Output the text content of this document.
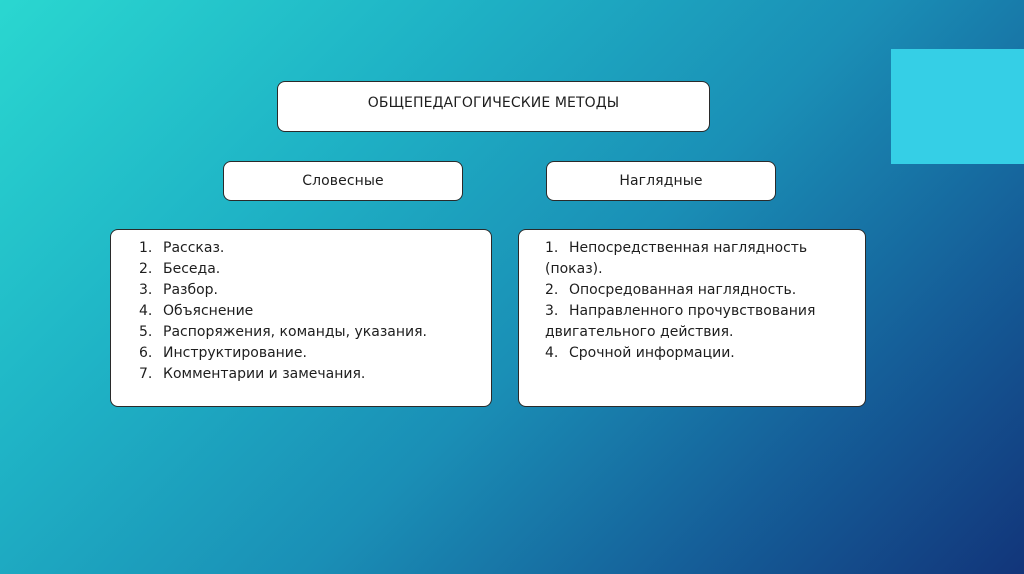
ОБЩЕПЕДАГОГИЧЕСКИЕ МЕТОДЫ
Словесные	Наглядные
1. Рассказ.
2. Беседа.
3. Разбор.
4. Объяснение
5. Распоряжения, команды, указания.
6. Инструктирование.
7. Комментарии и замечания.
1. Непосредственная наглядность
(показ).
2. Опосредованная наглядность.
3. Направленного прочувствования
двигательного действия.
4. Срочной информации.
